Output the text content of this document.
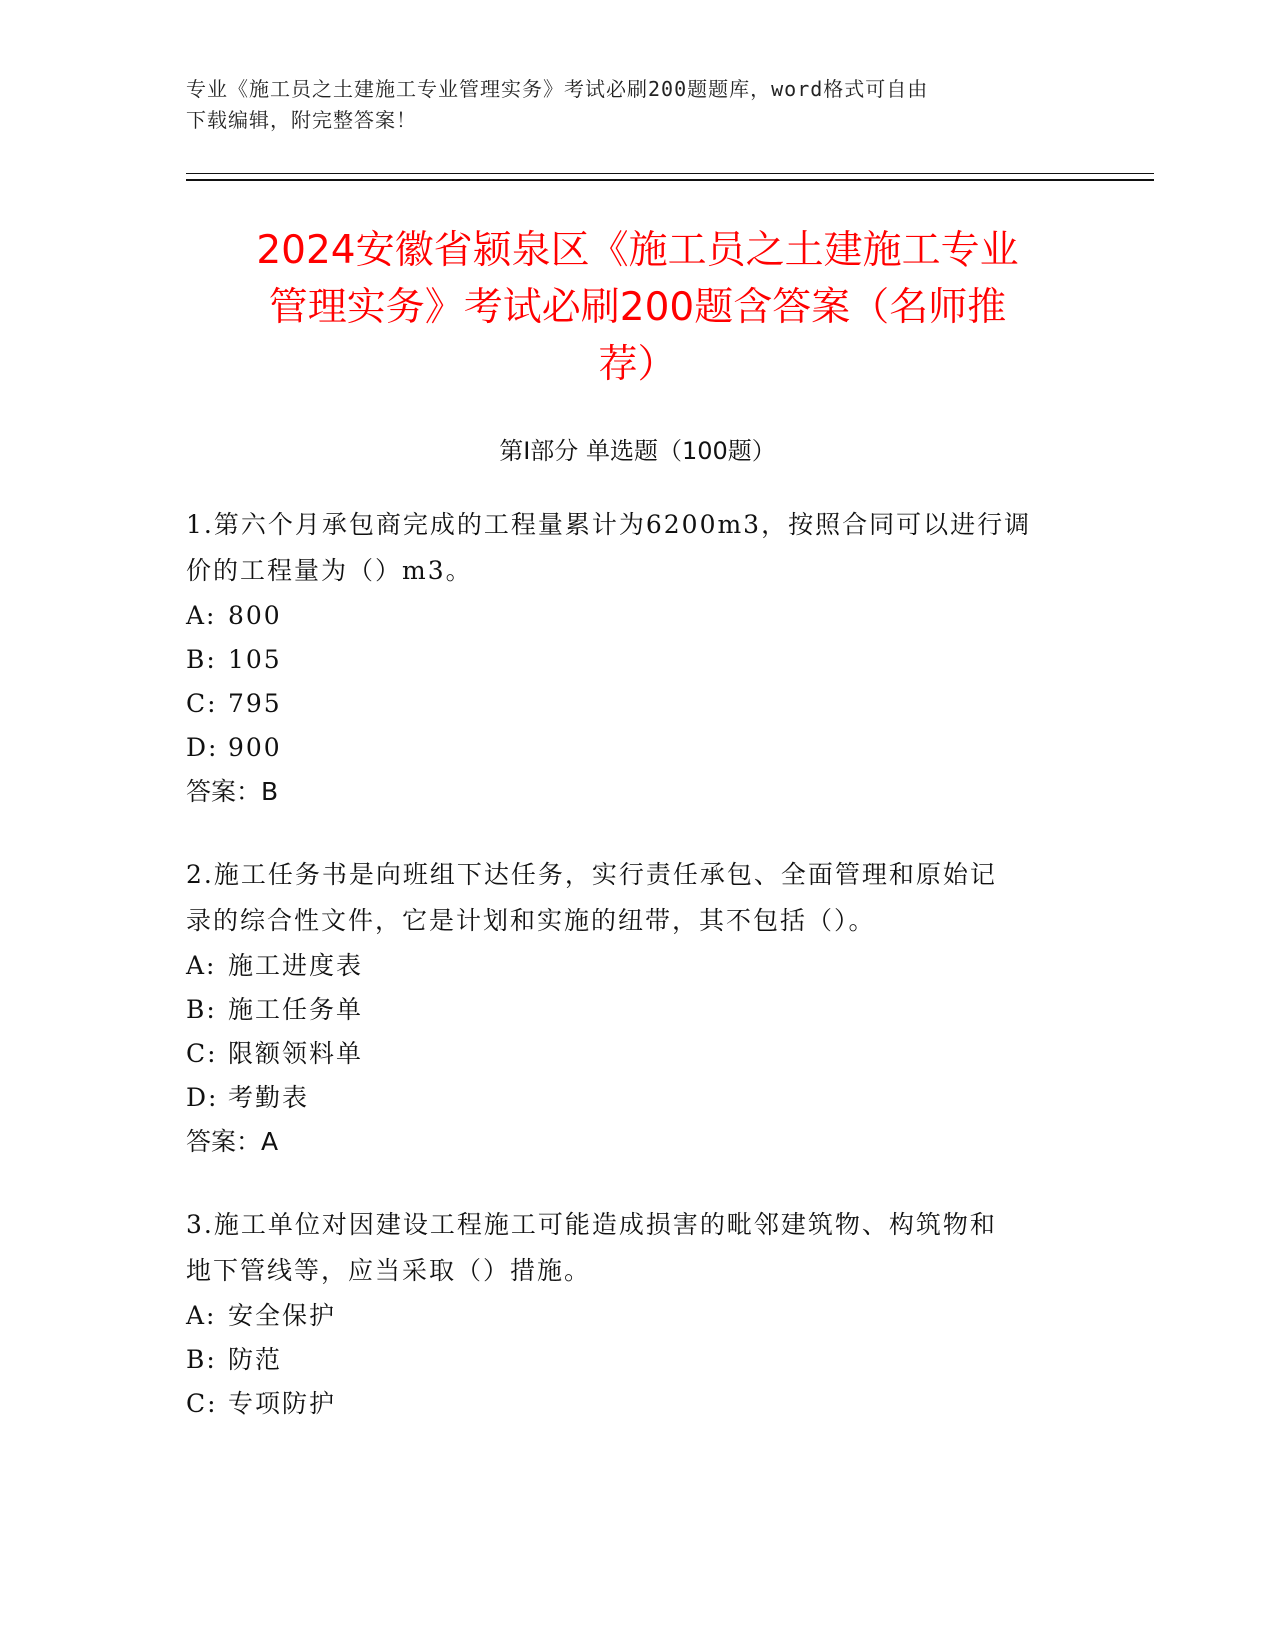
专业《施工员之土建施工专业管理实务》考试必刷200题题库，word格式可自由
下载编辑，附完整答案！
2024安徽省颍泉区《施工员之土建施工专业
管理实务》考试必刷200题含答案（名师推
荐）
第Ⅰ部分 单选题（100题）

1.第六个月承包商完成的工程量累计为6200m3，按照合同可以进行调
价的工程量为（）m3。

A: 800

B: 105

C: 795

D: 900

答案：B

2.施工任务书是向班组下达任务，实行责任承包、全面管理和原始记
录的综合性文件，它是计划和实施的纽带，其不包括（）。

A: 施工进度表

B: 施工任务单

C: 限额领料单

D: 考勤表

答案：A

3.施工单位对因建设工程施工可能造成损害的毗邻建筑物、构筑物和
地下管线等，应当采取（）措施。

A: 安全保护

B: 防范

C: 专项防护
